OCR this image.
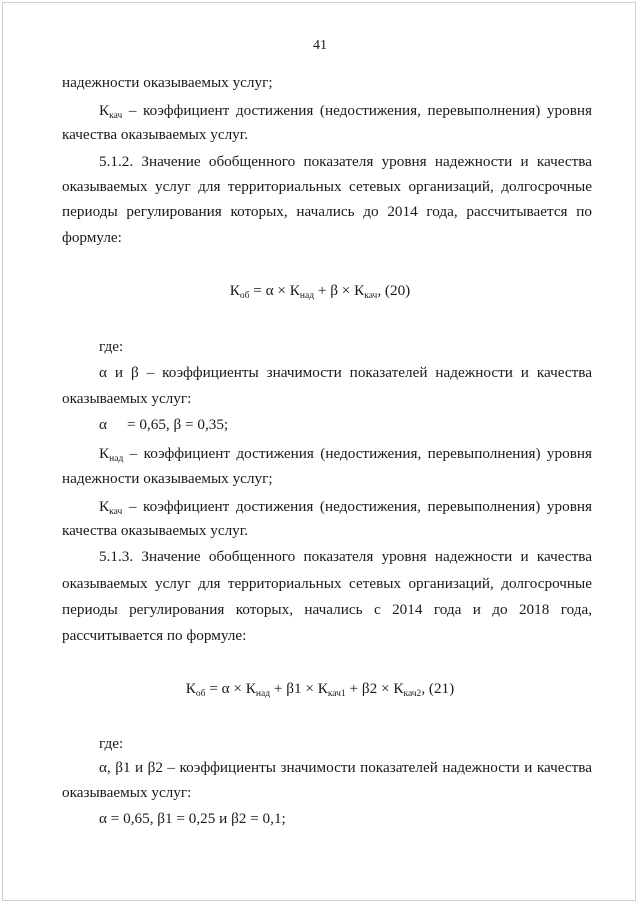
41
надежности оказываемых услуг;
$К_{кач}$ – коэффициент достижения (недостижения, перевыполнения) уровня
качества оказываемых услуг.
5.1.2. Значение обобщенного показателя уровня надежности и качества
оказываемых услуг для территориальных сетевых организаций, долгосрочные
периоды регулирования которых, начались до 2014 года, рассчитывается по
формуле:
$К_{об} = \alpha \times К_{над} + \beta \times К_{кач}$, (20)
где:
α и β – коэффициенты значимости показателей надежности и качества
оказываемых услуг:
α = 0,65, β = 0,35;
$К_{над}$ – коэффициент достижения (недостижения, перевыполнения) уровня
надежности оказываемых услуг;
$К_{кач}$ – коэффициент достижения (недостижения, перевыполнения) уровня
качества оказываемых услуг.
5.1.3. Значение обобщенного показателя уровня надежности и качества
оказываемых услуг для территориальных сетевых организаций, долгосрочные
периоды регулирования которых, начались с 2014 года и до 2018 года,
рассчитывается по формуле:
$К_{об} = \alpha \times К_{над} + \beta 1 \times К_{кач1} + \beta 2 \times К_{кач2}$, (21)
где:
α, β1 и β2 – коэффициенты значимости показателей надежности и качества
оказываемых услуг:
α = 0,65, β1 = 0,25 и β2 = 0,1;
